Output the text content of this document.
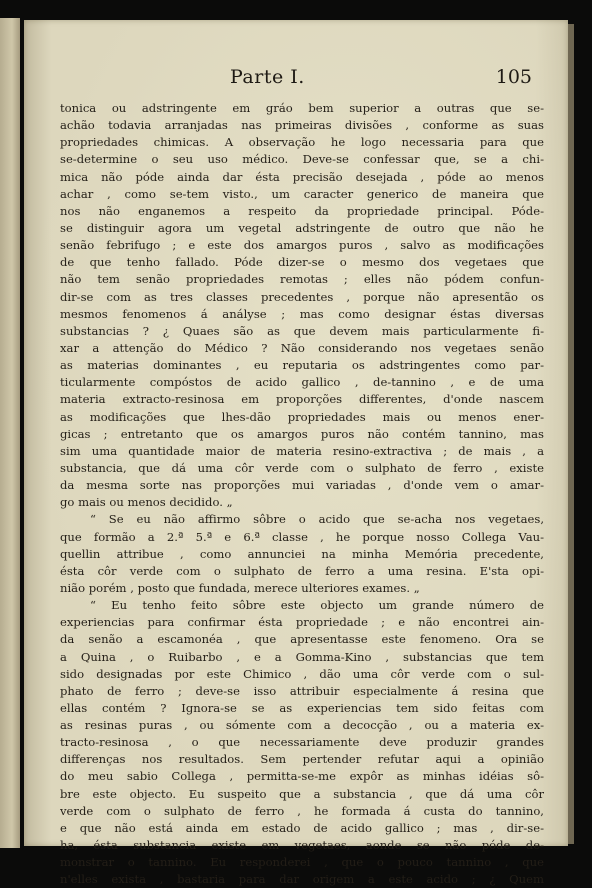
Parte I.	105
tonica ou adstringente em gráo bem superior a outras que se-
achão todavia arranjadas nas primeiras divisões , conforme as suas
propriedades chimicas. A observação he logo necessaria para que
se-determine o seu uso médico. Deve-se confessar que, se a chi-
mica não póde ainda dar ésta precisão desejada , póde ao menos
achar , como se-tem visto., um caracter generico de maneira que
nos não enganemos a respeito da propriedade principal. Póde-
se distinguir agora um vegetal adstringente de outro que não he
senão febrifugo ; e este dos amargos puros , salvo as modificações
de que tenho fallado. Póde dizer-se o mesmo dos vegetaes que
não tem senão propriedades remotas ; elles não pódem confun-
dir-se com as tres classes precedentes , porque não apresentão os
mesmos fenomenos á anályse ; mas como designar éstas diversas
substancias ? ¿ Quaes são as que devem mais particularmente fi-
xar a attenção do Médico ? Não considerando nos vegetaes senão
as materias dominantes , eu reputaria os adstringentes como par-
ticularmente compóstos de acido gallico , de-tannino , e de uma
materia extracto-resinosa em proporções differentes, d'onde nascem
as modificações que lhes-dão propriedades mais ou menos ener-
gicas ; entretanto que os amargos puros não contém tannino, mas
sim uma quantidade maior de materia resino-extractiva ; de mais , a
substancia, que dá uma côr verde com o sulphato de ferro , existe
da mesma sorte nas proporções mui variadas , d'onde vem o amar-
go mais ou menos decidido. „
“ Se eu não affirmo sôbre o acido que se-acha nos vegetaes,
que formão a 2.ª 5.ª e 6.ª classe , he porque nosso Collega Vau-
quellin attribue , como annunciei na minha Memória precedente,
ésta côr verde com o sulphato de ferro a uma resina. E'sta opi-
nião porém , posto que fundada, merece ulteriores exames. „
“ Eu tenho feito sôbre este objecto um grande número de
experiencias para confirmar ésta propriedade ; e não encontrei ain-
da senão a escamonéa , que apresentasse este fenomeno. Ora se
a Quina , o Ruibarbo , e a Gomma-Kino , substancias que tem
sido designadas por este Chimico , dão uma côr verde com o sul-
phato de ferro ; deve-se isso attribuir especialmente á resina que
ellas contém ? Ignora-se se as experiencias tem sido feitas com
as resinas puras , ou sómente com a decocção , ou a materia ex-
tracto-resinosa , o que necessariamente deve produzir grandes
differenças nos resultados. Sem pertender refutar aqui a opinião
do meu sabio Collega , permitta-se-me expôr as minhas idéias sô-
bre este objecto. Eu suspeito que a substancia , que dá uma côr
verde com o sulphato de ferro , he formada á custa do tannino,
e que não está ainda em estado de acido gallico ; mas , dir-se-
ha, ésta substancia existe em vegetaes, aonde se não póde de-
monstrar o tannino. Eu responderei , que o pouco tannino , que
n'elles exista , bastaria para dar origem a este acido ; ¿ Quem
